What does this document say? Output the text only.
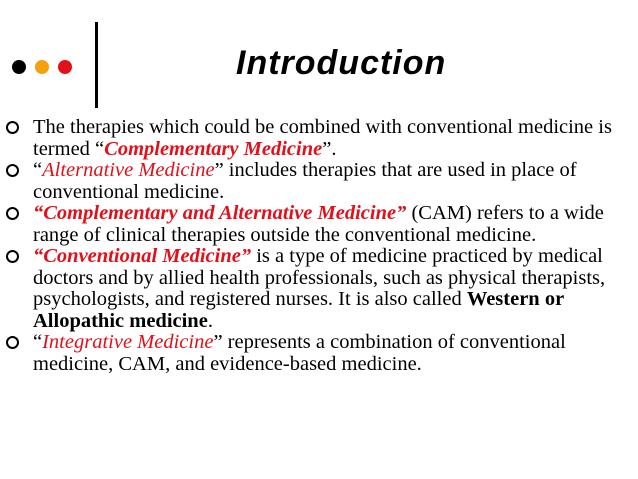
Introduction
The therapies which could be combined with conventional medicine is termed “Complementary Medicine”.
“Alternative Medicine” includes therapies that are used in place of conventional medicine.
“Complementary and Alternative Medicine” (CAM) refers to a wide range of clinical therapies outside the conventional medicine.
“Conventional Medicine” is a type of medicine practiced by medical doctors and by allied health professionals, such as physical therapists, psychologists, and registered nurses. It is also called Western or Allopathic medicine.
“Integrative Medicine” represents a combination of conventional medicine, CAM, and evidence-based medicine.
